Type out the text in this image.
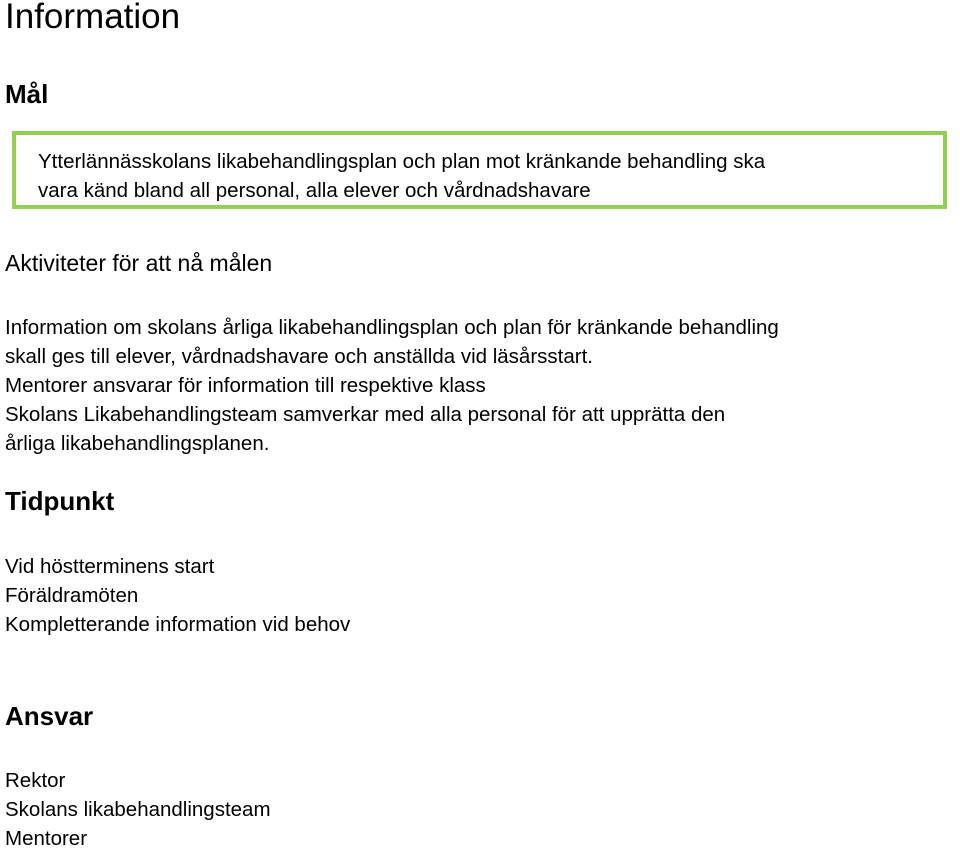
Information
Mål

Ytterlännässkolans likabehandlingsplan och plan mot kränkande behandling ska
vara känd bland all personal, alla elever och vårdnadshavare

Aktiviteter för att nå målen

Information om skolans årliga likabehandlingsplan och plan för kränkande behandling
skall ges till elever, vårdnadshavare och anställda vid läsårsstart.
Mentorer ansvarar för information till respektive klass
Skolans Likabehandlingsteam samverkar med alla personal för att upprätta den
årliga likabehandlingsplanen.

Tidpunkt

Vid höstterminens start
Föräldramöten
Kompletterande information vid behov

Ansvar

Rektor
Skolans likabehandlingsteam
Mentorer
